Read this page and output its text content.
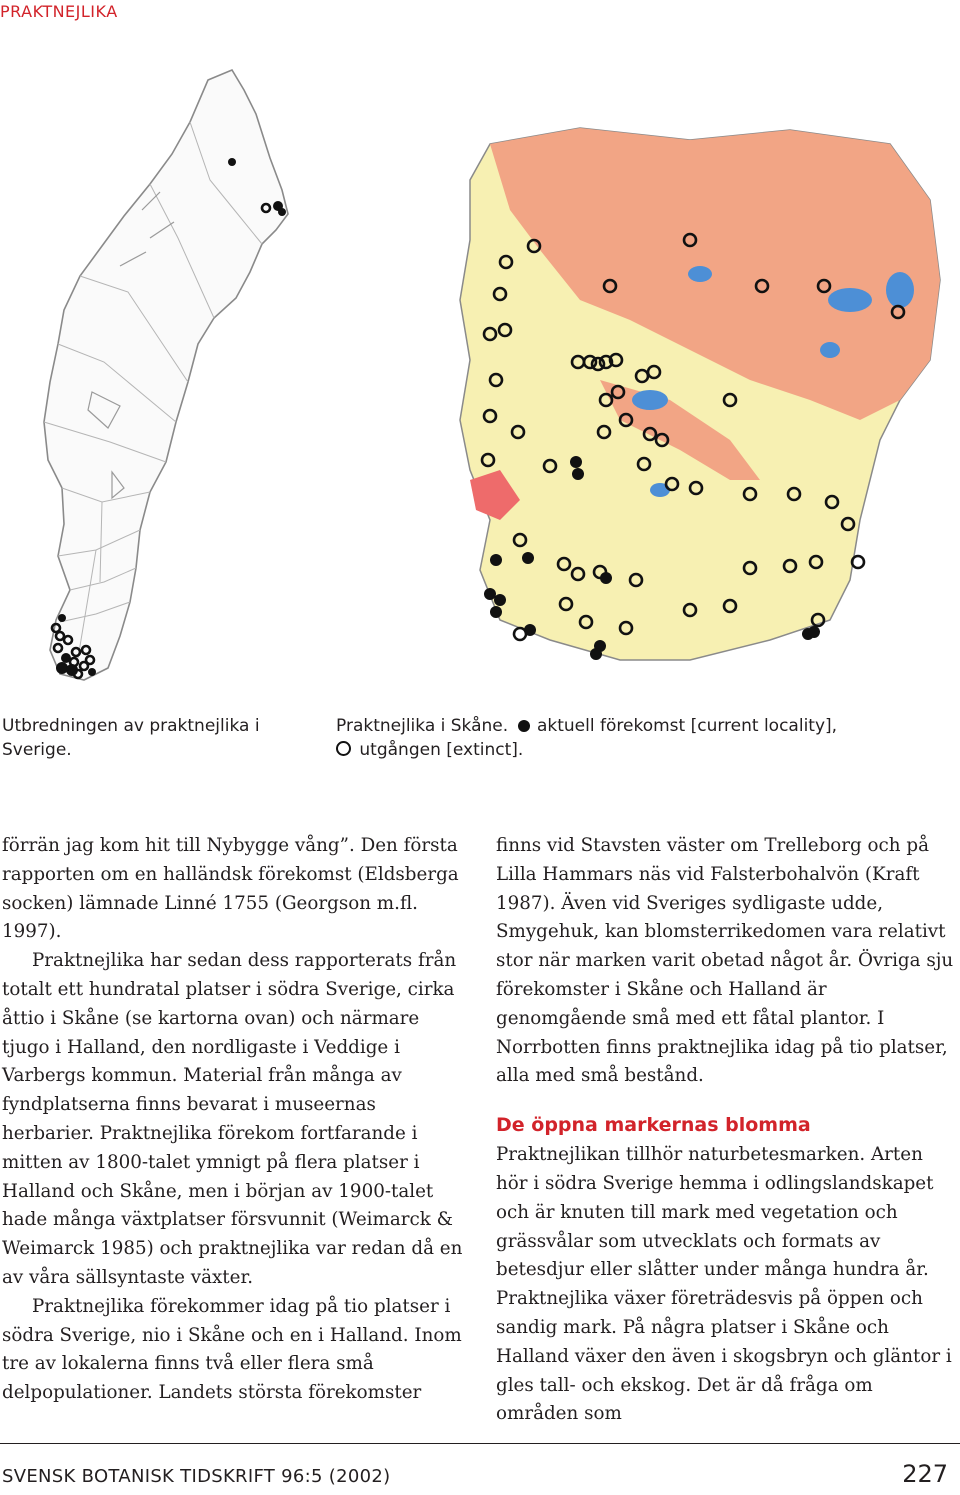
PRAKTNEJLIKA
Utbredningen av praktnejlika i Sverige.
Praktnejlika i Skåne. aktuell förekomst [current locality],
utgången [extinct].

förrän jag kom hit till Nybygge vång”. Den första rapporten om en halländsk förekomst (Eldsberga socken) lämnade Linné 1755 (Georgson m.fl. 1997).

Praktnejlika har sedan dess rapporterats från totalt ett hundratal platser i södra Sverige, cirka åttio i Skåne (se kartorna ovan) och närmare tjugo i Halland, den nordligaste i Veddige i Varbergs kommun. Material från många av fyndplatserna finns bevarat i museernas herbarier. Praktnejlika förekom fortfarande i mitten av 1800-talet ymnigt på flera platser i Halland och Skåne, men i början av 1900-talet hade många växtplatser försvunnit (Weimarck & Weimarck 1985) och praktnejlika var redan då en av våra sällsyntaste växter.

Praktnejlika förekommer idag på tio platser i södra Sverige, nio i Skåne och en i Halland. Inom tre av lokalerna finns två eller flera små delpopulationer. Landets största förekomster

finns vid Stavsten väster om Trelleborg och på Lilla Hammars näs vid Falsterbohalvön (Kraft 1987). Även vid Sveriges sydligaste udde, Smygehuk, kan blomsterrikedomen vara relativt stor när marken varit obetad något år. Övriga sju förekomster i Skåne och Halland är genomgående små med ett fåtal plantor. I Norrbotten finns praktnejlika idag på tio platser, alla med små bestånd.

De öppna markernas blomma

Praktnejlikan tillhör naturbetesmarken. Arten hör i södra Sverige hemma i odlingslandskapet och är knuten till mark med vegetation och grässvålar som utvecklats och formats av betesdjur eller slåtter under många hundra år. Praktnejlika växer företrädesvis på öppen och sandig mark. På några platser i Skåne och Halland växer den även i skogsbryn och gläntor i gles tall- och ekskog. Det är då fråga om områden som

SVENSK BOTANISK TIDSKRIFT 96:5 (2002)	227
